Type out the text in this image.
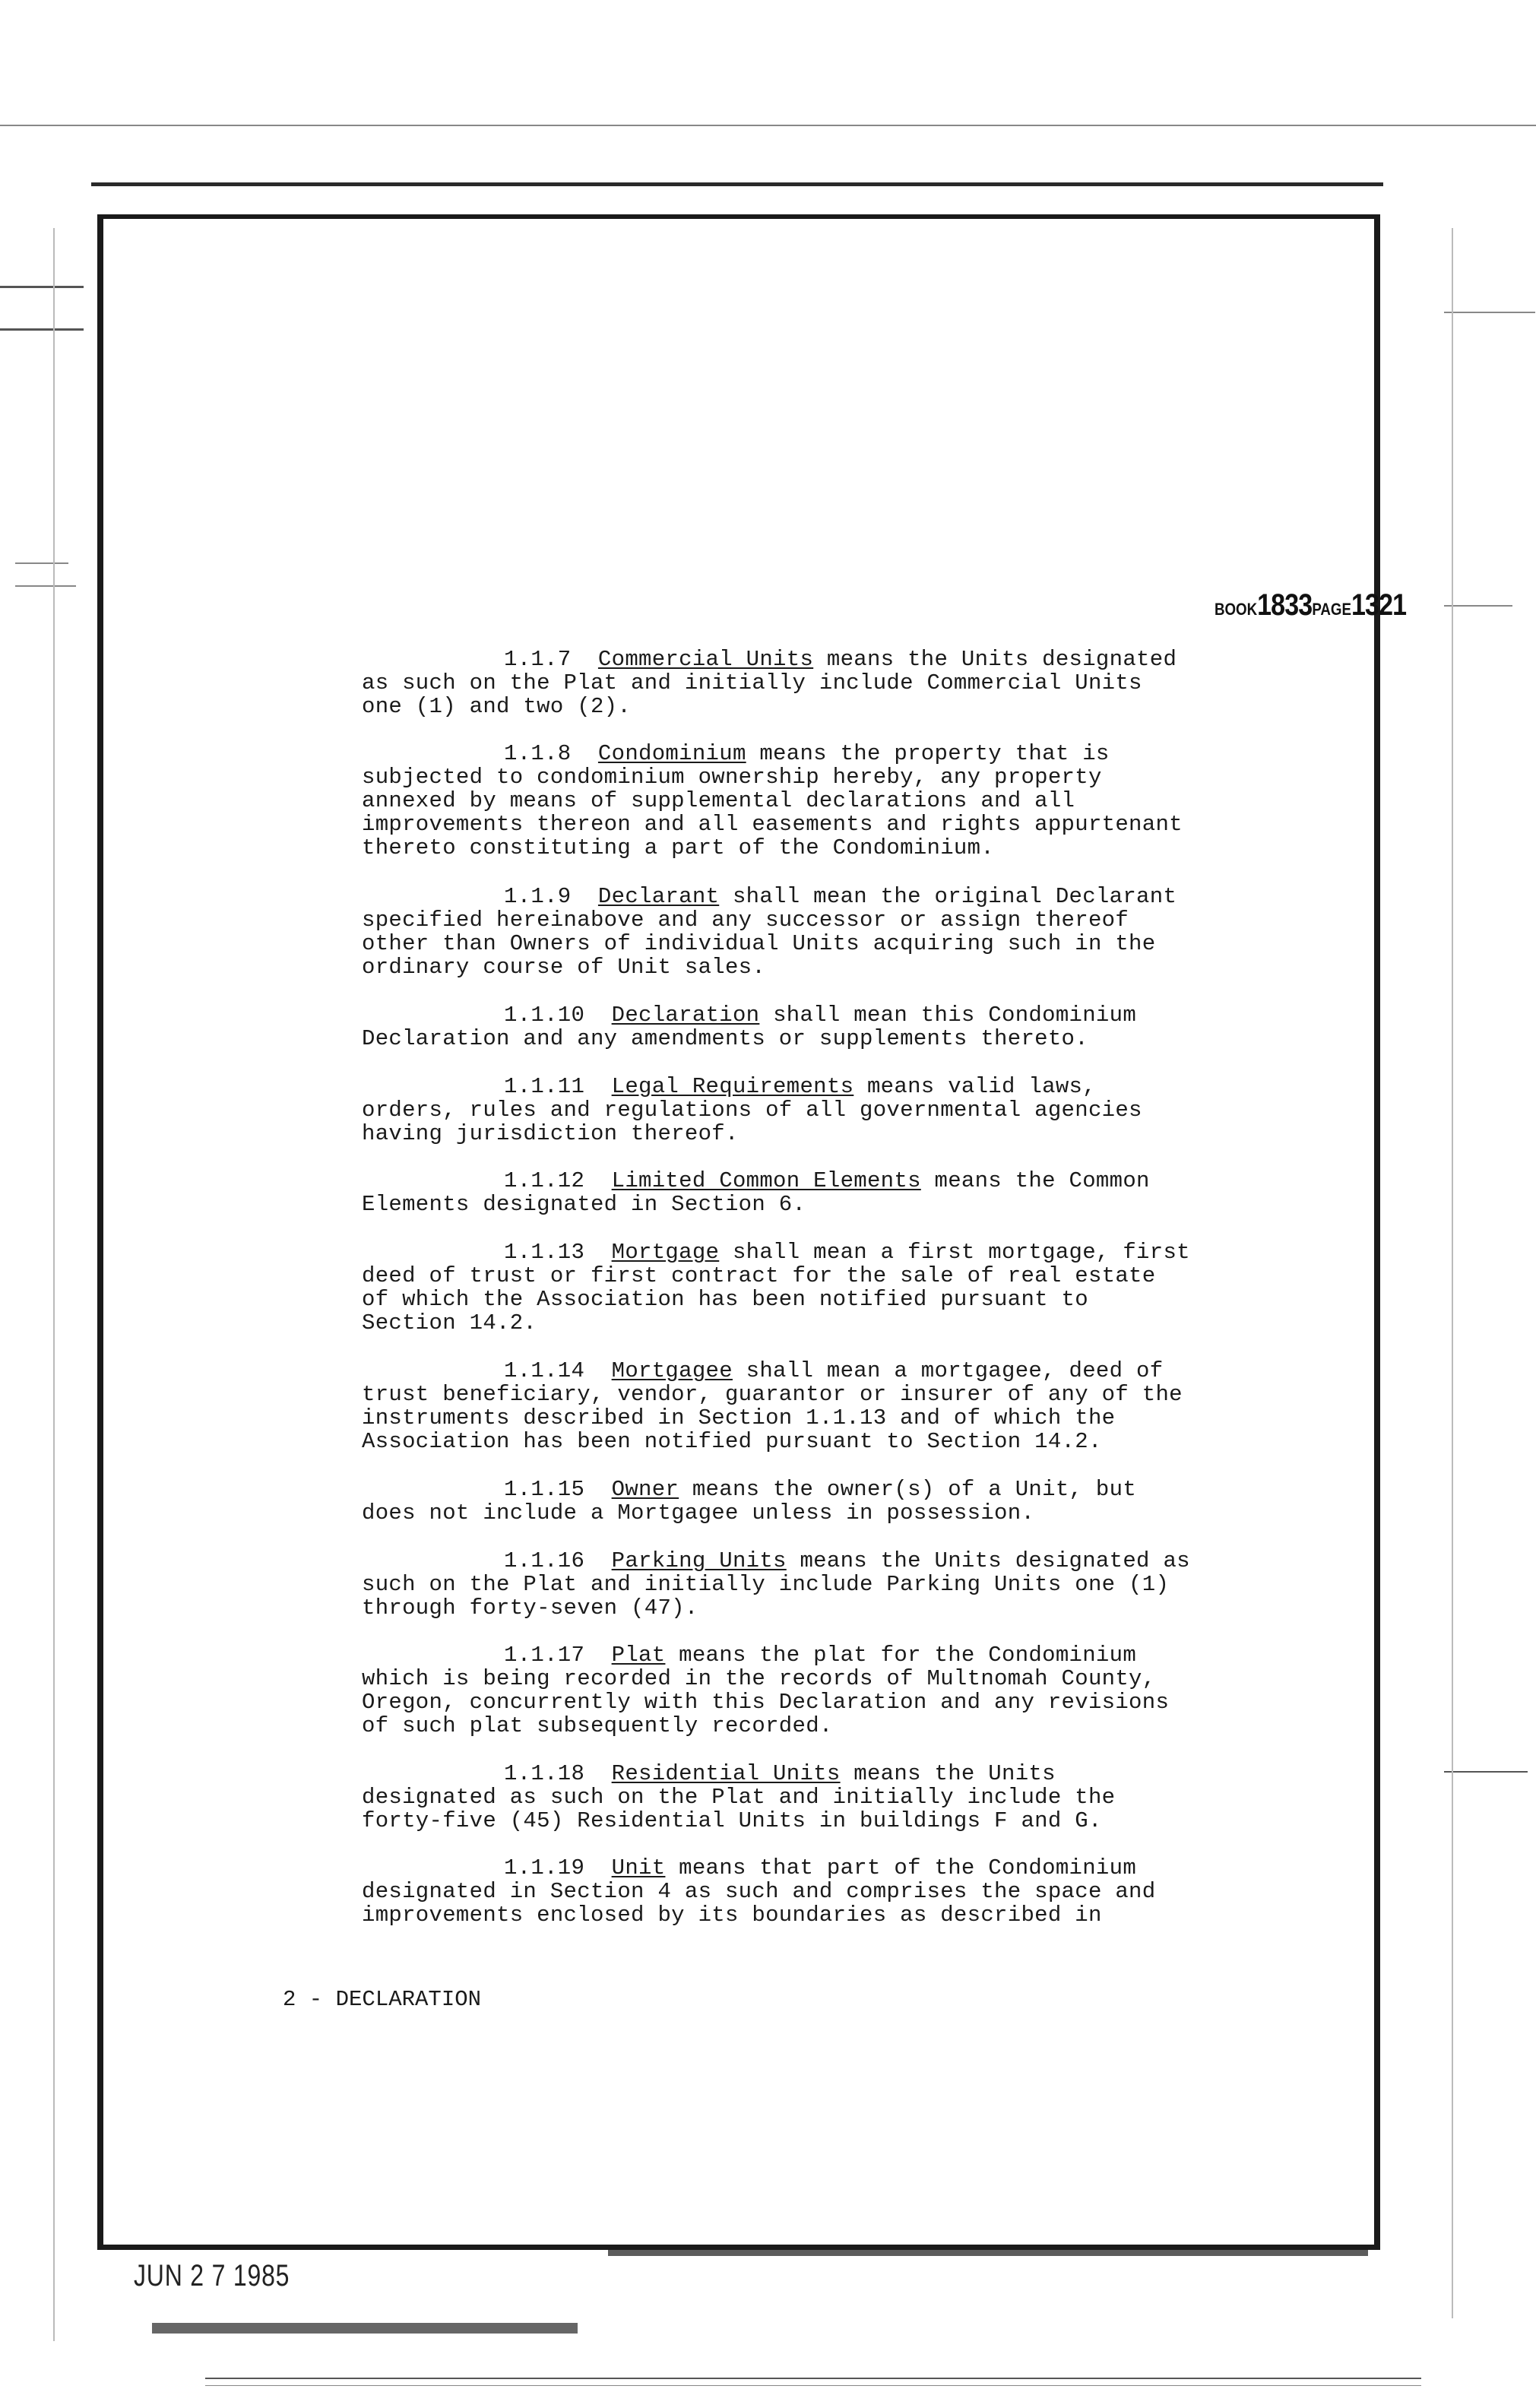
BOOK1833PAGE1321
1.1.7 Commercial Units means the Units designated
as such on the Plat and initially include Commercial Units
one (1) and two (2).
1.1.8 Condominium means the property that is
subjected to condominium ownership hereby, any property
annexed by means of supplemental declarations and all
improvements thereon and all easements and rights appurtenant
thereto constituting a part of the Condominium.
1.1.9 Declarant shall mean the original Declarant
specified hereinabove and any successor or assign thereof
other than Owners of individual Units acquiring such in the
ordinary course of Unit sales.
1.1.10 Declaration shall mean this Condominium
Declaration and any amendments or supplements thereto.
1.1.11 Legal Requirements means valid laws,
orders, rules and regulations of all governmental agencies
having jurisdiction thereof.
1.1.12 Limited Common Elements means the Common
Elements designated in Section 6.
1.1.13 Mortgage shall mean a first mortgage, first
deed of trust or first contract for the sale of real estate
of which the Association has been notified pursuant to
Section 14.2.
1.1.14 Mortgagee shall mean a mortgagee, deed of
trust beneficiary, vendor, guarantor or insurer of any of the
instruments described in Section 1.1.13 and of which the
Association has been notified pursuant to Section 14.2.
1.1.15 Owner means the owner(s) of a Unit, but
does not include a Mortgagee unless in possession.
1.1.16 Parking Units means the Units designated as
such on the Plat and initially include Parking Units one (1)
through forty-seven (47).
1.1.17 Plat means the plat for the Condominium
which is being recorded in the records of Multnomah County,
Oregon, concurrently with this Declaration and any revisions
of such plat subsequently recorded.
1.1.18 Residential Units means the Units
designated as such on the Plat and initially include the
forty-five (45) Residential Units in buildings F and G.
1.1.19 Unit means that part of the Condominium
designated in Section 4 as such and comprises the space and
improvements enclosed by its boundaries as described in
2 - DECLARATION
JUN 2 7 1985
